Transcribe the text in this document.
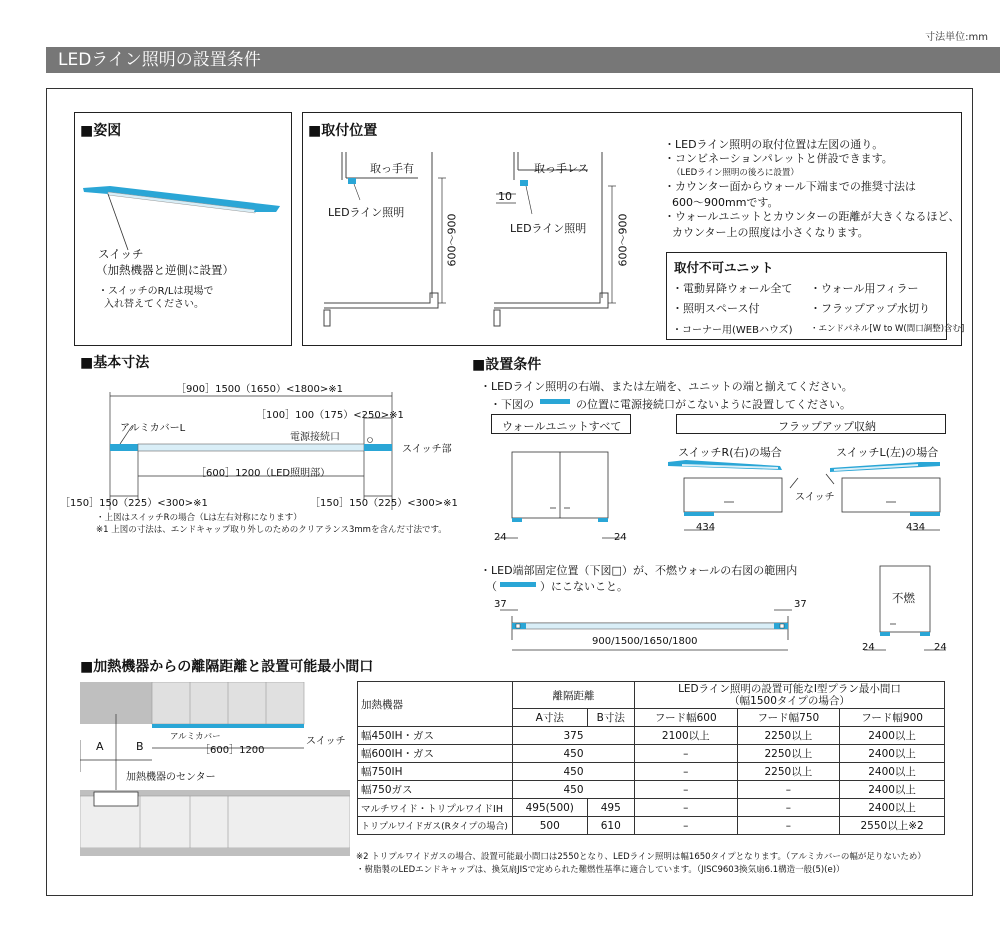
寸法単位:mm
LEDライン照明の設置条件
■姿図
スイッチ
（加熱機器と逆側に設置）
・スイッチのR/Lは現場で
入れ替えてください。
■取付位置
取っ手有	取っ手レス
LEDライン照明
LEDライン照明
10
600〜900	600〜900
・LEDライン照明の取付位置は左図の通り。
・コンビネーションパレットと併設できます。
（LEDライン照明の後ろに設置）
・カウンター面からウォール下端までの推奨寸法は
600〜900mmです。
・ウォールユニットとカウンターの距離が大きくなるほど、
カウンター上の照度は小さくなります。
取付不可ユニット
・電動昇降ウォール全て ・ウォール用フィラー
・照明スペース付	・フラップアップ水切り
・コーナー用(WEBハウズ) ・エンドパネル[W to W(間口調整)含む]
■基本寸法
［900］1500（1650）<1800>※1
［100］100（175）<250>※1
アルミカバーL
電源接続口
スイッチ部
［600］1200（LED照明部）
［150］150（225）<300>※1	［150］150（225）<300>※1
・上図はスイッチRの場合（Lは左右対称になります）
※1 上図の寸法は、エンドキャップ取り外しのためのクリアランス3mmを含んだ寸法です。
■設置条件
・LEDライン照明の右端、または左端を、ユニットの端と揃えてください。
・下図の	の位置に電源接続口がこないように設置してください。
ウォールユニットすべて	フラップアップ収納
スイッチR(右)の場合	スイッチL(左)の場合
スイッチ
24	24
434	434
・LED端部固定位置（下図□）が、不燃ウォールの右図の範囲内
（	）にこないこと。
37	37
900/1500/1650/1800
不燃
24	24
■加熱機器からの離隔距離と設置可能最小間口
A	B
アルミカバー
［600］1200
スイッチ
加熱機器のセンター
加熱機器	離隔距離		LEDライン照明の設置可能なI型プラン最小間口
（幅1500タイプの場合）		
	A寸法	B寸法	フード幅600	フード幅750	フード幅900
幅450IH・ガス	375		2100以上	2250以上	2400以上
幅600IH・ガス	450		–	2250以上	2400以上
幅750IH	450		–	2250以上	2400以上
幅750ガス	450		–	–	2400以上
マルチワイド・トリプルワイドIH	495(500)	495	–	–	2400以上
トリプルワイドガス(Rタイプの場合)	500	610	–	–	2550以上※2
※2 トリプルワイドガスの場合、設置可能最小間口は2550となり、LEDライン照明は幅1650タイプとなります。（アルミカバーの幅が足りないため）
・樹脂製のLEDエンドキャップは、換気扇JISで定められた難燃性基準に適合しています。（JISC9603換気扇6.1構造一般(5)(e)）
